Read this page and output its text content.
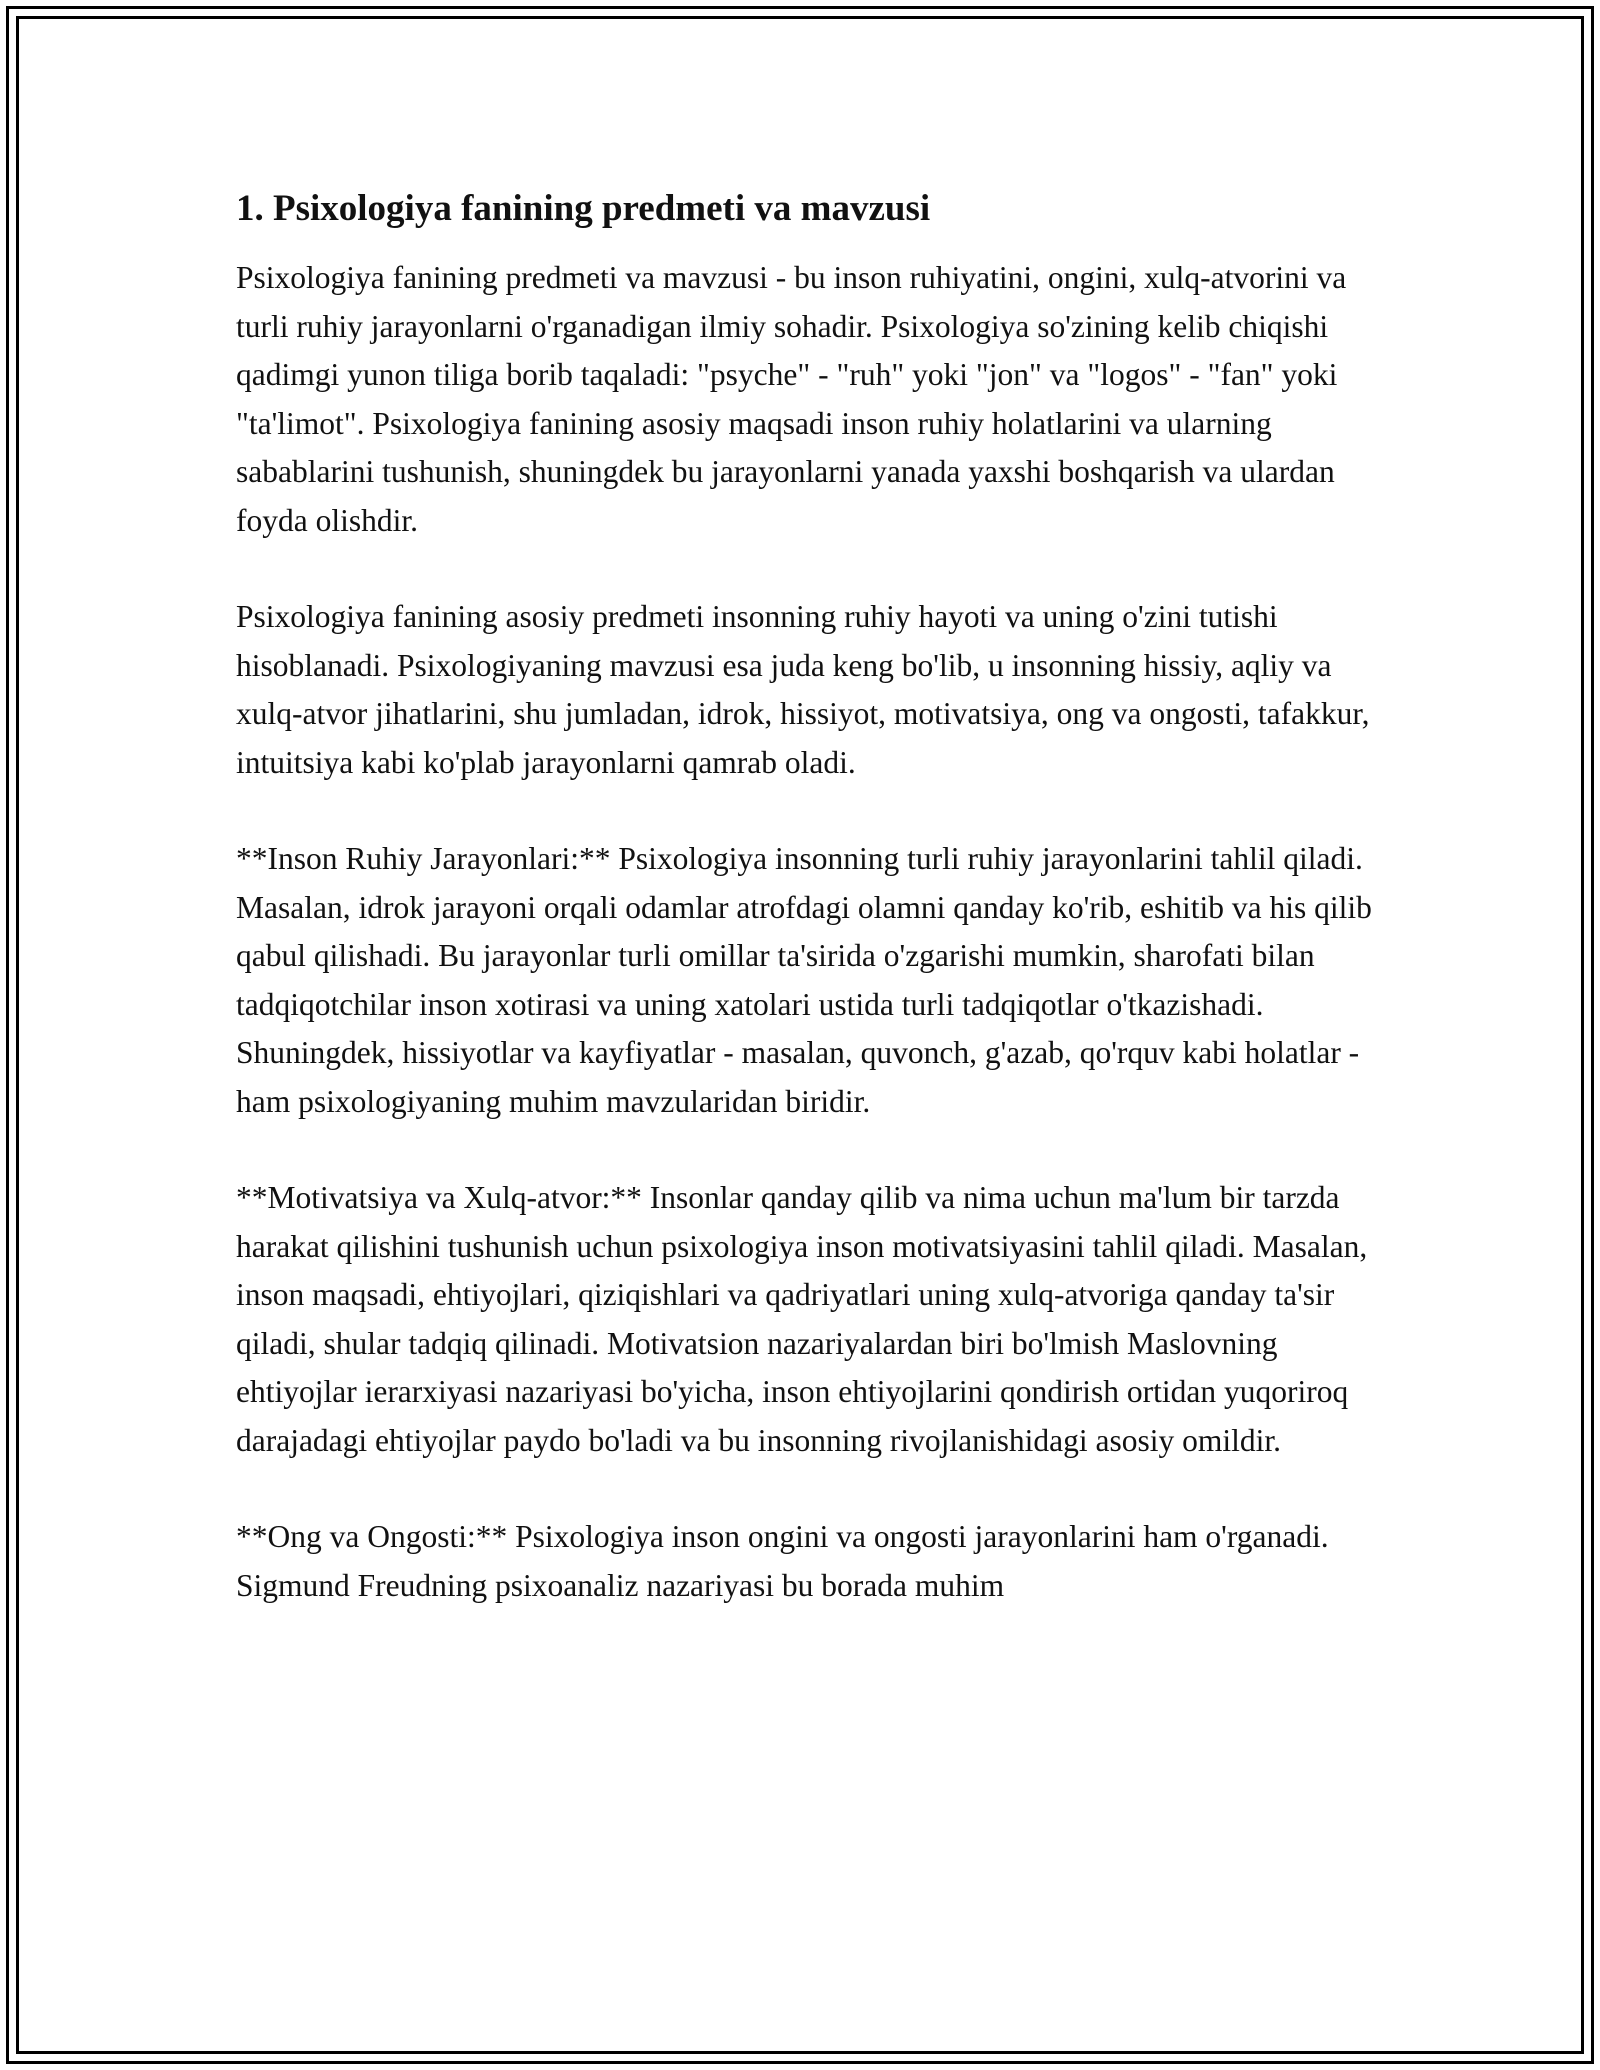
1. Psixologiya fanining predmeti va mavzusi

Psixologiya fanining predmeti va mavzusi - bu inson ruhiyatini, ongini, xulq-atvorini va turli ruhiy jarayonlarni o'rganadigan ilmiy sohadir. Psixologiya so'zining kelib chiqishi qadimgi yunon tiliga borib taqaladi: "psyche" - "ruh" yoki "jon" va "logos" - "fan" yoki "ta'limot". Psixologiya fanining asosiy maqsadi inson ruhiy holatlarini va ularning sabablarini tushunish, shuningdek bu jarayonlarni yanada yaxshi boshqarish va ulardan foyda olishdir.

Psixologiya fanining asosiy predmeti insonning ruhiy hayoti va uning o'zini tutishi hisoblanadi. Psixologiyaning mavzusi esa juda keng bo'lib, u insonning hissiy, aqliy va xulq-atvor jihatlarini, shu jumladan, idrok, hissiyot, motivatsiya, ong va ongosti, tafakkur, intuitsiya kabi ko'plab jarayonlarni qamrab oladi.

**Inson Ruhiy Jarayonlari:** Psixologiya insonning turli ruhiy jarayonlarini tahlil qiladi. Masalan, idrok jarayoni orqali odamlar atrofdagi olamni qanday ko'rib, eshitib va his qilib qabul qilishadi. Bu jarayonlar turli omillar ta'sirida o'zgarishi mumkin, sharofati bilan tadqiqotchilar inson xotirasi va uning xatolari ustida turli tadqiqotlar o'tkazishadi. Shuningdek, hissiyotlar va kayfiyatlar - masalan, quvonch, g'azab, qo'rquv kabi holatlar - ham psixologiyaning muhim mavzularidan biridir.

**Motivatsiya va Xulq-atvor:** Insonlar qanday qilib va nima uchun ma'lum bir tarzda harakat qilishini tushunish uchun psixologiya inson motivatsiyasini tahlil qiladi. Masalan, inson maqsadi, ehtiyojlari, qiziqishlari va qadriyatlari uning xulq-atvoriga qanday ta'sir qiladi, shular tadqiq qilinadi. Motivatsion nazariyalardan biri bo'lmish Maslovning ehtiyojlar ierarxiyasi nazariyasi bo'yicha, inson ehtiyojlarini qondirish ortidan yuqoriroq darajadagi ehtiyojlar paydo bo'ladi va bu insonning rivojlanishidagi asosiy omildir.

**Ong va Ongosti:** Psixologiya inson ongini va ongosti jarayonlarini ham o'rganadi. Sigmund Freudning psixoanaliz nazariyasi bu borada muhim
